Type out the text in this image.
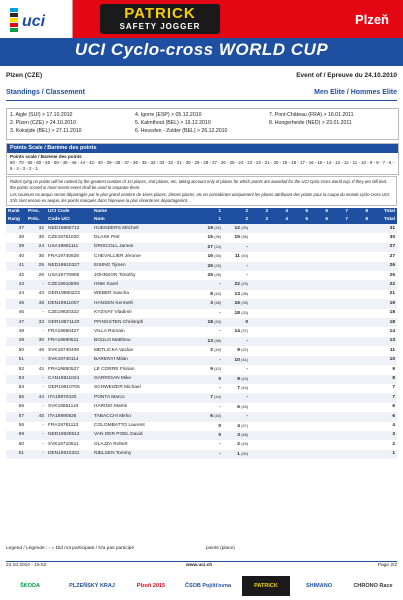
uci	PATRICK
SAFETY JOGGER	Plzeň
UCI Cyclo-cross WORLD CUP
Plzen (CZE)	Event of / Epreuve du 24.10.2010
Standings / Classement	Men Elite / Hommes Elite
1. Aigle (SUI) > 17.10.2010
2. Plzen (CZE) > 24.10.2010
3. Koksijde (BEL) > 27.11.2010
4. Igorre (ESP) > 05.12.2010
5. Kalmthout (BEL) > 19.12.2010
6. Heusden - Zolder (BEL) > 26.12.2010
7. Pont-Château (FRA) > 16.01.2011
8. Hoogerheide (NED) > 23.01.2011
Points Scale / Barème des points
Points scale / Barème des points
80 - 70 - 65 - 60 - 55 - 50 - 48 - 46 - 44 - 42 - 40 - 39 - 38 - 37 - 36 - 35 - 34 - 33 - 32 - 31 - 30 - 29 - 28 - 27 - 26 - 25 - 24 - 23 - 22 - 21 - 20 - 19 - 18 - 17 - 16 - 15 - 14 - 13 - 12 - 11 - 10 - 9 - 8 - 7 - 6 - 5 - 4 - 3 - 2 - 1

Riders tying on points will be ranked by the greatest number of 1st places, 2nd places, etc. taking account only of places for which points are awarded for the UCI cyclo-cross world cup. If they are still tied, the points scored in most recent event shall be used to separate them.

Les coureurs ex aequo seront départagés par le plus grand nombre de 1ères places, 2èmes places, etc en considérant uniquement les places attribuant des points pour la coupe du monde cyclo-cross UCI. S'ils sont encore ex aequo, les points marqués dans l'épreuve la plus récente les départageront.

Rank	Prec.	UCI Code	Name	1	2	3	4	5	6	7	8	Total
Rang	Préc.	Code UCI	Nom	1	2	3	4	5	6	7	8	Total
37	32	NED19880712	HUENDERS Mitchell	19 (32)	12 (39)							31
38	36	CZE19761020	DLASK Petr	15 (36)	15 (36)							30
39	24	USA19861111	DRISCOLL James	27 (24)	-							27
40	35	FRA19740928	CHEVALLIER Jérome	16 (35)	11 (40)							27
41	25	NED19910327	EISING Tijmen	26 (25)	-							26
42	26	USA19770805	JOHNSON Timothy	25 (26)	-							25
43	-	CZE19910809	HNIK Karel	-	22 (29)							22
44	43	GER19880223	WEBER Sascha	8 (43)	13 (38)							21
45	48	DEN19911007	HANSEN Kenneth	3 (48)	16 (35)							19
46	-	CZE19820322	KYZIVAT Vladimír	-	18 (33)							18
47	33	GER19871120	PFINGSTEN Christoph	18 (33)	0							18
48	-	FRA19850427	VILLA Romain	-	14 (37)							14
49	30	FRA19890511	BOULO Matthieu	13 (38)	-							13
50	49	SVK19740408	METLICKA Vaclav	2 (49)	9 (42)							11
51	-	SVK19740114	BARENYI Milan	-	10 (41)							10
52	42	FRA19850527	LE CORRE Florian	9 (42)	-							9
53	-	CAN19811024	GARRIGAN Mike	0	8 (43)							8
54	-	GER19910705	SCHWEIZER Michael	-	7 (44)							7
55	44	ITA19870420	PONTA Marco	7 (44)	-							7
56	-	SVK19861124	HARING Martin	-	6 (45)							6
57	45	ITA19890825	TABACCHI Mirko	6 (45)	-							6
58	-	FRA19781113	COLOMBATTO Laurent	0	4 (47)							4
59	-	NED19920613	VAN DER POEL David	0	3 (48)							3
60	-	SVK19710611	GLAJZA Robert	-	2 (49)							2
61	-	DEN19910331	NIELSEN Tommy	-	1 (50)							1
Legend / Légende : - = Did not participate / N'a pas participé	points (place)
24.10.2010 - 15:52	www.uci.ch	Page 2/2
ŠKODA	PLZEŇSKÝ KRAJ	Plzeň 2015	ČSOB Pojišťovna	PATRICK	SHIMANO	CHRONO Race
